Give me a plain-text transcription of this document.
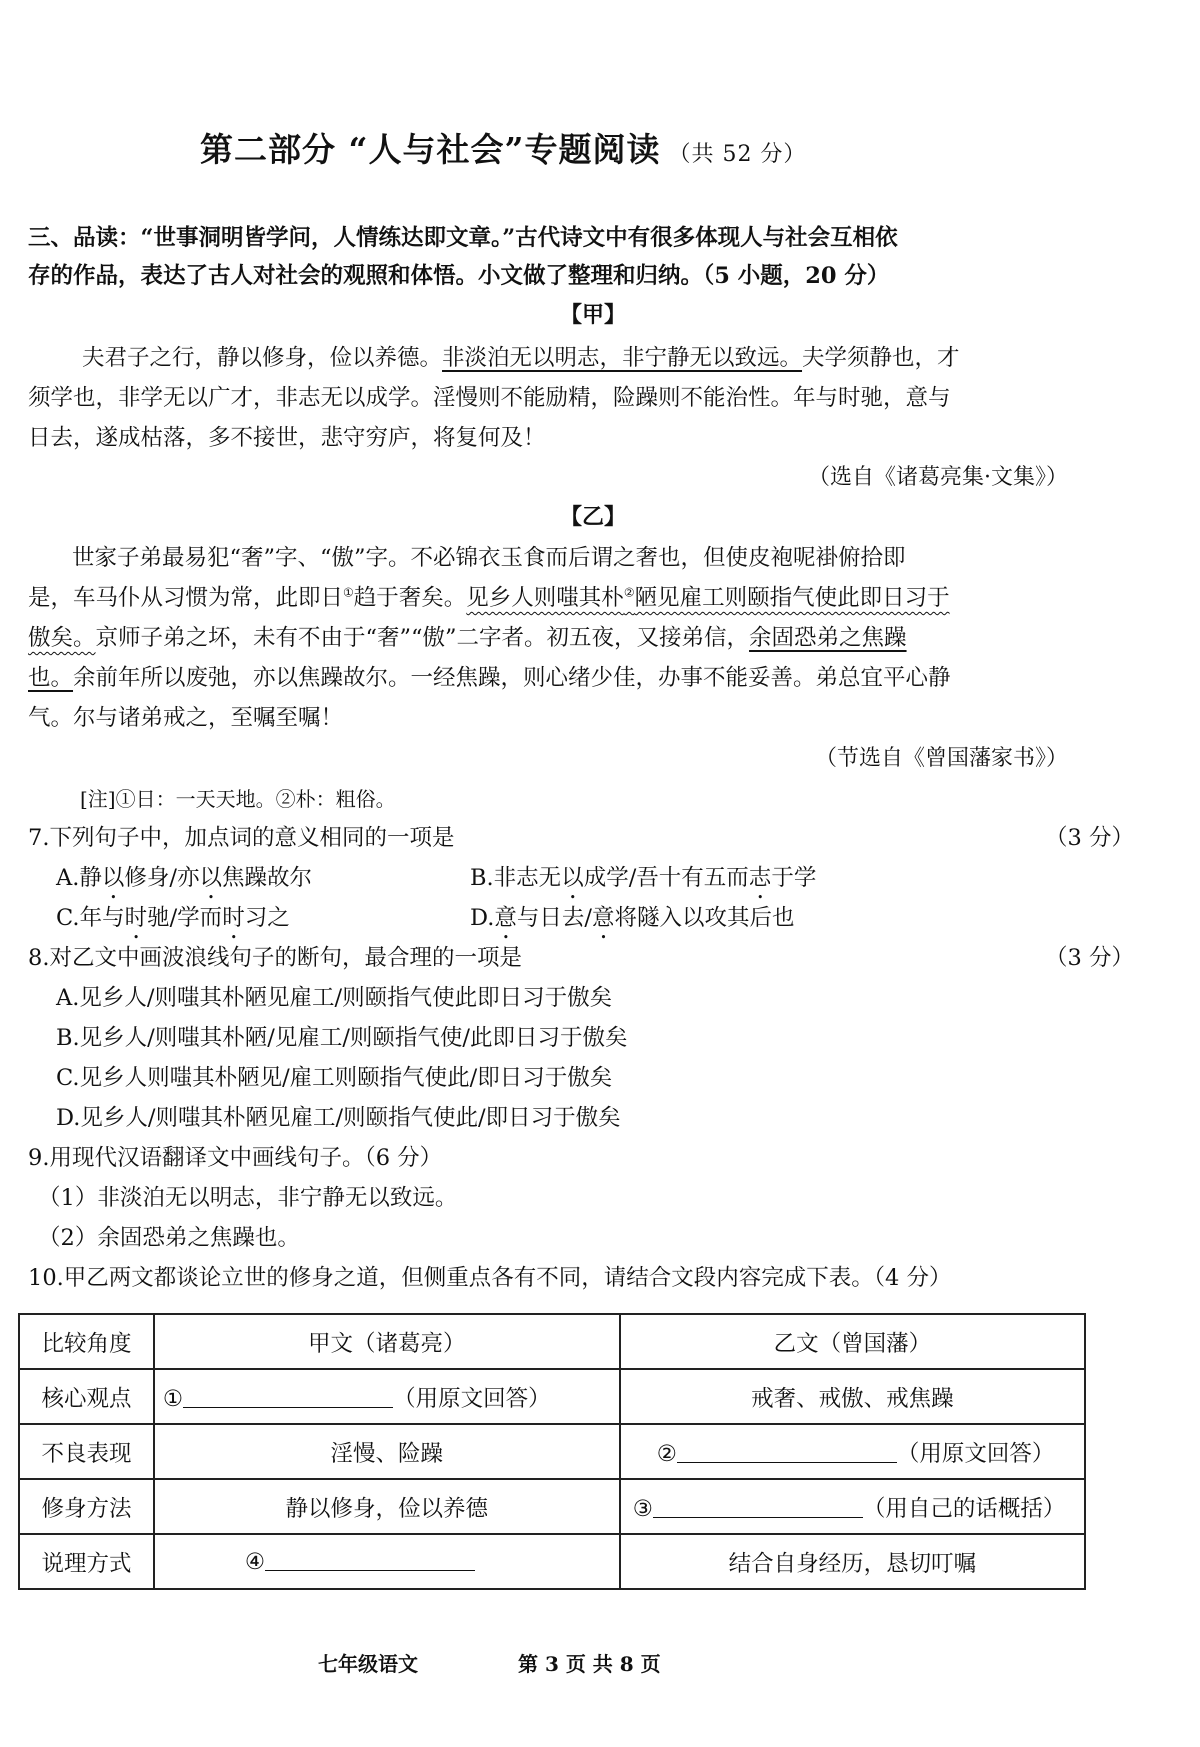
第二部分 “人与社会”专题阅读 （共 52 分）
三、品读：“世事洞明皆学问，人情练达即文章。”古代诗文中有很多体现人与社会互相依
存的作品，表达了古人对社会的观照和体悟。小文做了整理和归纳。（5 小题，20 分）
【甲】
夫君子之行，静以修身，俭以养德。非淡泊无以明志，非宁静无以致远。夫学须静也，才
须学也，非学无以广才，非志无以成学。淫慢则不能励精，险躁则不能治性。年与时驰，意与
日去，遂成枯落，多不接世，悲守穷庐，将复何及！
（选自《诸葛亮集·文集》）
【乙】
世家子弟最易犯“奢”字、“傲”字。不必锦衣玉食而后谓之奢也，但使皮袍呢褂俯拾即
是，车马仆从习惯为常，此即日①趋于奢矣。见乡人则嗤其朴②陋见雇工则颐指气使此即日习于
傲矣。京师子弟之坏，未有不由于“奢”“傲”二字者。初五夜，又接弟信，余固恐弟之焦躁
也。余前年所以废弛，亦以焦躁故尔。一经焦躁，则心绪少佳，办事不能妥善。弟总宜平心静
气。尔与诸弟戒之，至嘱至嘱！
（节选自《曾国藩家书》）
[注]①日：一天天地。②朴：粗俗。
7.下列句子中，加点词的意义相同的一项是	（3 分）
A.静以修身/亦以焦躁故尔	B.非志无以成学/吾十有五而志于学
C.年与时驰/学而时习之	D.意与日去/意将隧入以攻其后也
8.对乙文中画波浪线句子的断句，最合理的一项是	（3 分）
A.见乡人/则嗤其朴陋见雇工/则颐指气使此即日习于傲矣
B.见乡人/则嗤其朴陋/见雇工/则颐指气使/此即日习于傲矣
C.见乡人则嗤其朴陋见/雇工则颐指气使此/即日习于傲矣
D.见乡人/则嗤其朴陋见雇工/则颐指气使此/即日习于傲矣
9.用现代汉语翻译文中画线句子。（6 分）
（1）非淡泊无以明志，非宁静无以致远。
（2）余固恐弟之焦躁也。
10.甲乙两文都谈论立世的修身之道，但侧重点各有不同，请结合文段内容完成下表。（4 分）
比较角度	甲文（诸葛亮）	乙文（曾国藩）
核心观点	① （用原文回答）	戒奢、戒傲、戒焦躁
不良表现	淫慢、险躁	② （用原文回答）
修身方法	静以修身，俭以养德	③ （用自己的话概括）
说理方式	④	结合自身经历，恳切叮嘱
七年级语文	第 3 页 共 8 页
